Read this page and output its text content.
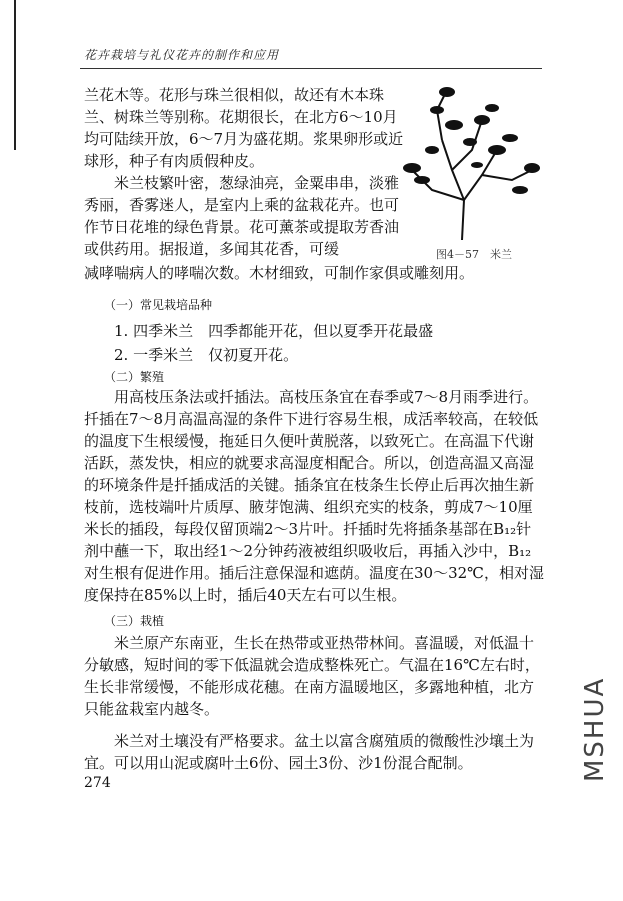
花卉栽培与礼仪花卉的制作和应用

兰花木等。花形与珠兰很相似，故还有木本珠兰、树珠兰等别称。花期很长，在北方6～10月均可陆续开放，6～7月为盛花期。浆果卵形或近球形，种子有肉质假种皮。

图4－57　米兰

米兰枝繁叶密，葱绿油亮，金粟串串，淡雅秀丽，香雾迷人，是室内上乘的盆栽花卉。也可作节日花堆的绿色背景。花可薰茶或提取芳香油或供药用。据报道，多闻其花香，可缓

减哮喘病人的哮喘次数。木材细致，可制作家俱或雕刻用。

（一）常见栽培品种
1. 四季米兰　四季都能开花，但以夏季开花最盛
2. 一季米兰　仅初夏开花。
（二）繁殖

用高枝压条法或扦插法。高枝压条宜在春季或7～8月雨季进行。扦插在7～8月高温高湿的条件下进行容易生根，成活率较高，在较低的温度下生根缓慢，拖延日久便叶黄脱落，以致死亡。在高温下代谢活跃，蒸发快，相应的就要求高湿度相配合。所以，创造高温又高湿的环境条件是扦插成活的关键。插条宜在枝条生长停止后再次抽生新枝前，选枝端叶片质厚、腋芽饱满、组织充实的枝条，剪成7～10厘米长的插段，每段仅留顶端2～3片叶。扦插时先将插条基部在B₁₂针剂中蘸一下，取出经1～2分钟药液被组织吸收后，再插入沙中，B₁₂对生根有促进作用。插后注意保湿和遮荫。温度在30～32℃，相对湿度保持在85%以上时，插后40天左右可以生根。

（三）栽植

米兰原产东南亚，生长在热带或亚热带林间。喜温暖，对低温十分敏感，短时间的零下低温就会造成整株死亡。气温在16℃左右时，生长非常缓慢，不能形成花穗。在南方温暖地区，多露地种植，北方只能盆栽室内越冬。

米兰对土壤没有严格要求。盆土以富含腐殖质的微酸性沙壤土为宜。可以用山泥或腐叶土6份、园土3份、沙1份混合配制。

274
MSHUA
